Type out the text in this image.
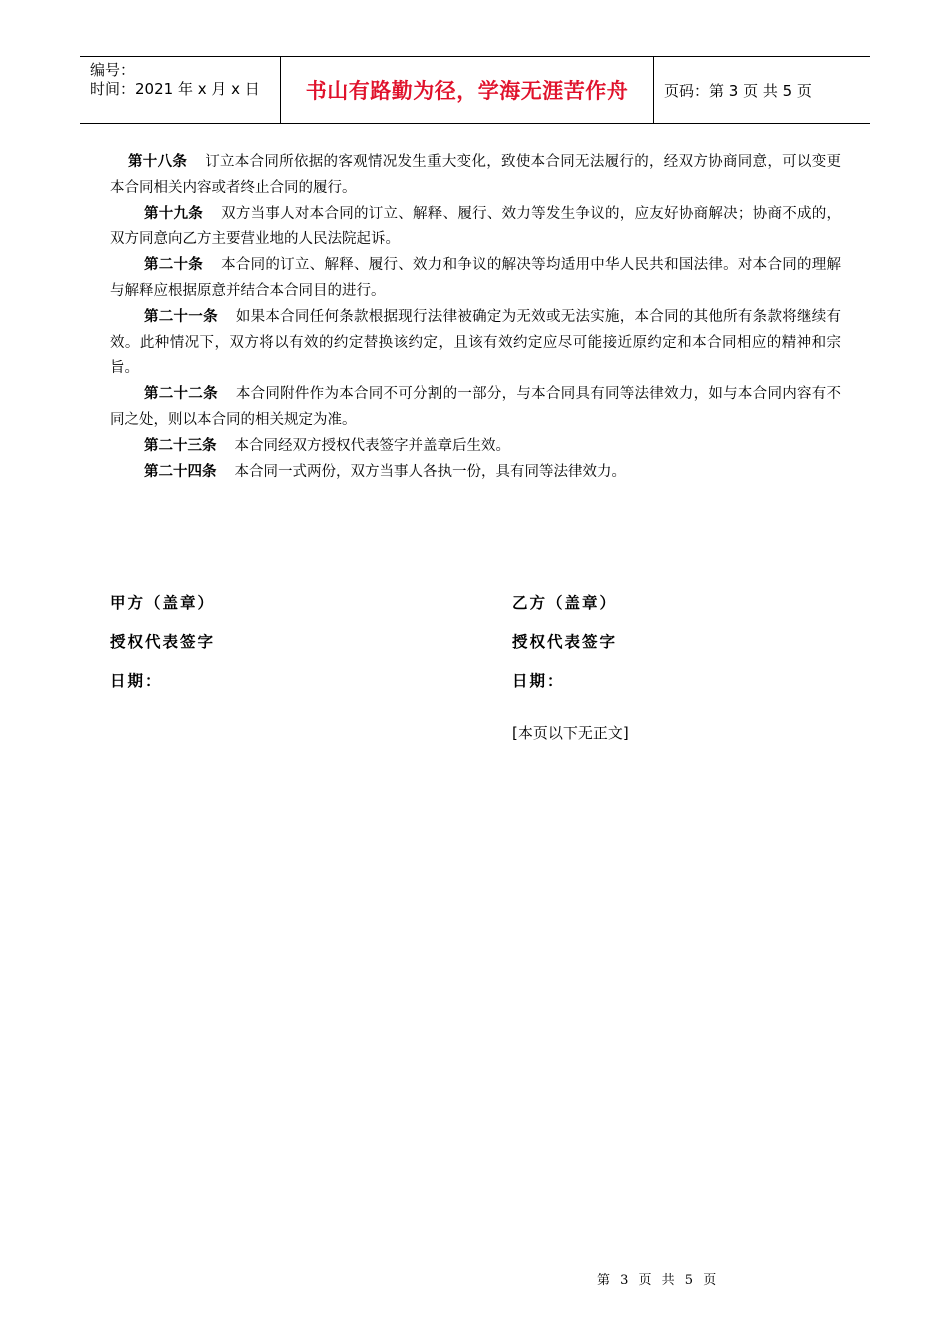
编号：
时间：2021 年 x 月 x 日	书山有路勤为径，学海无涯苦作舟	页码：第 3 页 共 5 页

第十八条 订立本合同所依据的客观情况发生重大变化，致使本合同无法履行的，经双方协商同意，可以变更本合同相关内容或者终止合同的履行。

第十九条 双方当事人对本合同的订立、解释、履行、效力等发生争议的，应友好协商解决；协商不成的，双方同意向乙方主要营业地的人民法院起诉。

第二十条 本合同的订立、解释、履行、效力和争议的解决等均适用中华人民共和国法律。对本合同的理解与解释应根据原意并结合本合同目的进行。

第二十一条 如果本合同任何条款根据现行法律被确定为无效或无法实施，本合同的其他所有条款将继续有效。此种情况下，双方将以有效的约定替换该约定，且该有效约定应尽可能接近原约定和本合同相应的精神和宗旨。

第二十二条 本合同附件作为本合同不可分割的一部分，与本合同具有同等法律效力，如与本合同内容有不同之处，则以本合同的相关规定为准。

第二十三条 本合同经双方授权代表签字并盖章后生效。

第二十四条 本合同一式两份，双方当事人各执一份，具有同等法律效力。

甲方（盖章）	乙方（盖章）
授权代表签字	授权代表签字
日期：	日期：
[本页以下无正文]
第 3 页 共 5 页
